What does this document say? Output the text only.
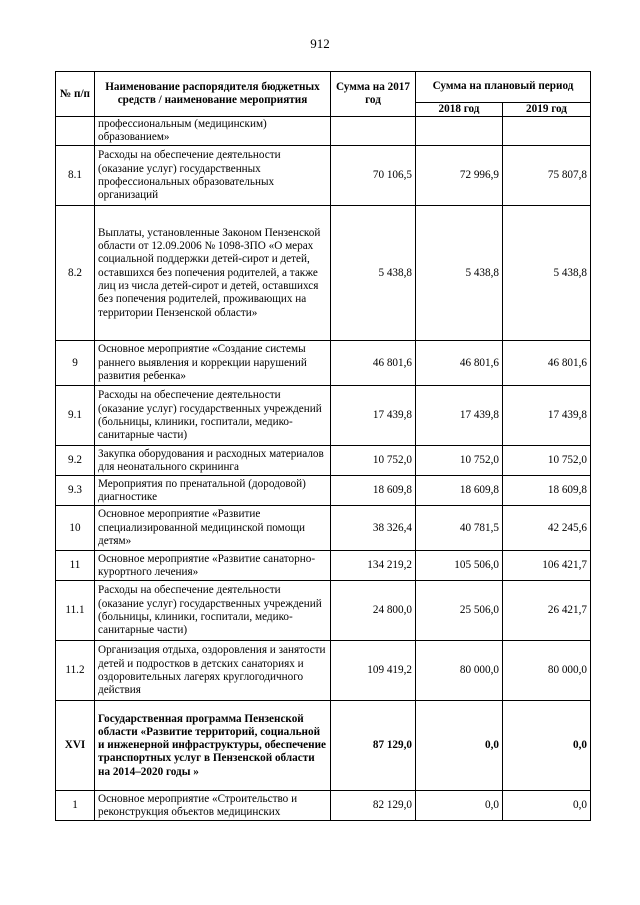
912
№ п/п	Наименование распорядителя бюджетных средств / наименование мероприятия	Сумма на 2017 год	Сумма на плановый период	
			2018 год	2019 год
	профессиональным (медицинским) образованием»			
8.1	Расходы на обеспечение деятельности (оказание услуг) государственных профессиональных образовательных организаций	70 106,5	72 996,9	75 807,8
8.2	Выплаты, установленные Законом Пензенской области от 12.09.2006 № 1098-ЗПО «О мерах социальной поддержки детей-сирот и детей, оставшихся без попечения родителей, а также лиц из числа детей-сирот и детей, оставшихся без попечения родителей, проживающих на территории Пензенской области»	5 438,8	5 438,8	5 438,8
9	Основное мероприятие «Создание системы раннего выявления и коррекции нарушений развития ребенка»	46 801,6	46 801,6	46 801,6
9.1	Расходы на обеспечение деятельности (оказание услуг) государственных учреждений (больницы, клиники, госпитали, медико-санитарные части)	17 439,8	17 439,8	17 439,8
9.2	Закупка оборудования и расходных материалов для неонатального скрининга	10 752,0	10 752,0	10 752,0
9.3	Мероприятия по пренатальной (дородовой) диагностике	18 609,8	18 609,8	18 609,8
10	Основное мероприятие «Развитие специализированной медицинской помощи детям»	38 326,4	40 781,5	42 245,6
11	Основное мероприятие «Развитие санаторно-курортного лечения»	134 219,2	105 506,0	106 421,7
11.1	Расходы на обеспечение деятельности (оказание услуг) государственных учреждений (больницы, клиники, госпитали, медико-санитарные части)	24 800,0	25 506,0	26 421,7
11.2	Организация отдыха, оздоровления и занятости детей и подростков в детских санаториях и оздоровительных лагерях круглогодичного действия	109 419,2	80 000,0	80 000,0
XVI	Государственная программа Пензенской области «Развитие территорий, социальной и инженерной инфраструктуры, обеспечение транспортных услуг в Пензенской области на 2014–2020 годы »	87 129,0	0,0	0,0
1	Основное мероприятие «Строительство и реконструкция объектов медицинских	82 129,0	0,0	0,0
